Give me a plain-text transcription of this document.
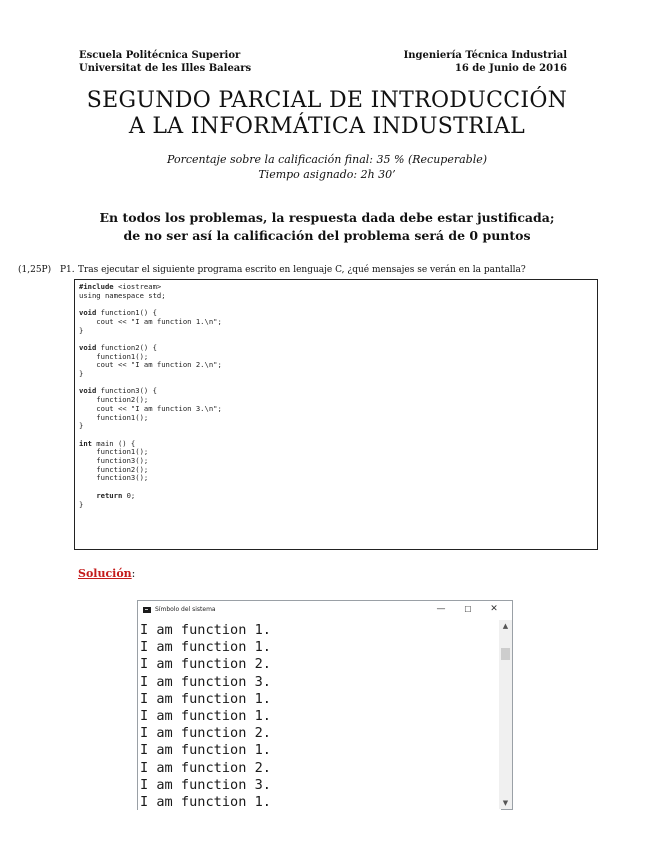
Escuela Politécnica Superior
Universitat de les Illes Balears
Ingeniería Técnica Industrial
16 de Junio de 2016
SEGUNDO PARCIAL DE INTRODUCCIÓN
A LA INFORMÁTICA INDUSTRIAL
Porcentaje sobre la calificación final: 35 % (Recuperable)
Tiempo asignado: 2h 30’
En todos los problemas, la respuesta dada debe estar justificada;
de no ser así la calificación del problema será de 0 puntos
(1,25P) P1. Tras ejecutar el siguiente programa escrito en lenguaje C, ¿qué mensajes se verán en la pantalla?
#include <iostream>
using namespace std;

void function1() {
cout << "I am function 1.\n";
}

void function2() {
function1();
cout << "I am function 2.\n";
}

void function3() {
function2();
cout << "I am function 3.\n";
function1();
}

int main () {
function1();
function3();
function2();
function3();

return 0;
}
Solución:
Símbolo del sistema	—	☐	✕
I am function 1.
I am function 1.
I am function 2.
I am function 3.
I am function 1.
I am function 1.
I am function 2.
I am function 1.
I am function 2.
I am function 3.
I am function 1.
▲
▼
